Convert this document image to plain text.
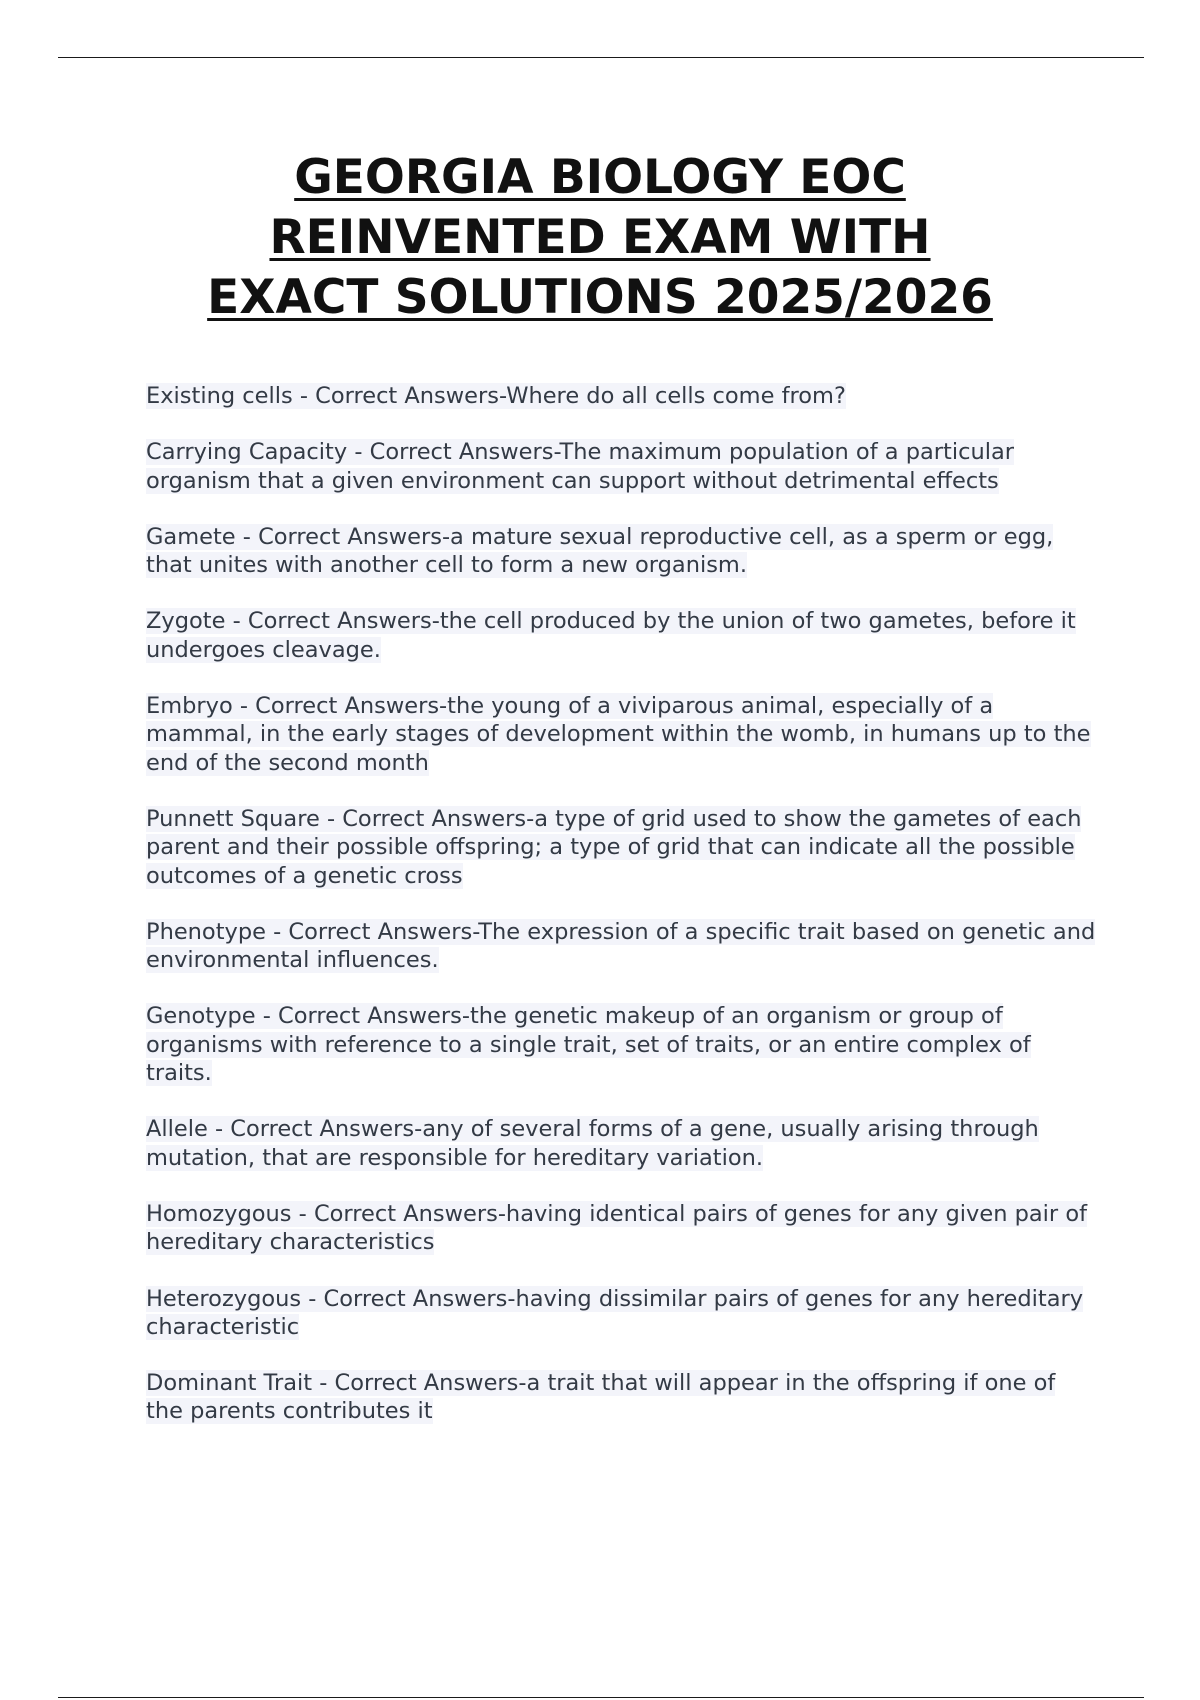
GEORGIA BIOLOGY EOC
REINVENTED EXAM WITH
EXACT SOLUTIONS 2025/2026
Existing cells - Correct Answers-Where do all cells come from?
Carrying Capacity - Correct Answers-The maximum population of a particular organism that a given environment can support without detrimental effects
Gamete - Correct Answers-a mature sexual reproductive cell, as a sperm or egg, that unites with another cell to form a new organism.
Zygote - Correct Answers-the cell produced by the union of two gametes, before it undergoes cleavage.
Embryo - Correct Answers-the young of a viviparous animal, especially of a mammal, in the early stages of development within the womb, in humans up to the end of the second month
Punnett Square - Correct Answers-a type of grid used to show the gametes of each parent and their possible offspring; a type of grid that can indicate all the possible outcomes of a genetic cross
Phenotype - Correct Answers-The expression of a specific trait based on genetic and environmental influences.
Genotype - Correct Answers-the genetic makeup of an organism or group of organisms with reference to a single trait, set of traits, or an entire complex of traits.
Allele - Correct Answers-any of several forms of a gene, usually arising through mutation, that are responsible for hereditary variation.
Homozygous - Correct Answers-having identical pairs of genes for any given pair of hereditary characteristics
Heterozygous - Correct Answers-having dissimilar pairs of genes for any hereditary characteristic
Dominant Trait - Correct Answers-a trait that will appear in the offspring if one of the parents contributes it
